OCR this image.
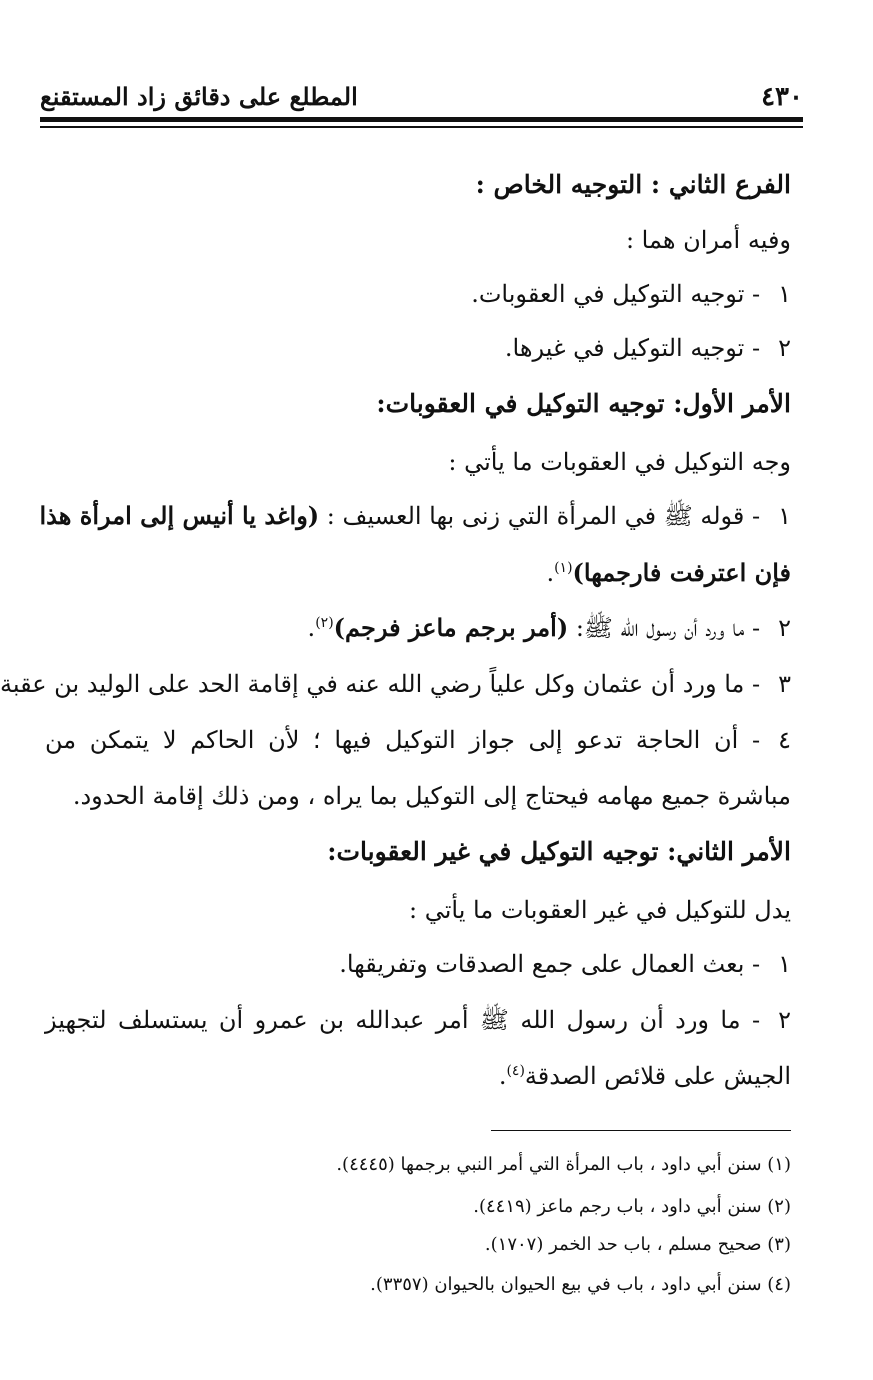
٤٣٠
المطلع على دقائق زاد المستقنع
الفرع الثاني : التوجيه الخاص :
وفيه أمران هما :
١- توجيه التوكيل في العقوبات.
٢- توجيه التوكيل في غيرها.
الأمر الأول: توجيه التوكيل في العقوبات:
وجه التوكيل في العقوبات ما يأتي :
١- قوله ﷺ في المرأة التي زنى بها العسيف : (واغد يا أنيس إلى امرأة هذا
فإن اعترفت فارجمها)$^{(١)}$.
٢- ما ورد أن رسول الله ﷺ: (أمر برجم ماعز فرجم)$^{(٢)}$.
٣- ما ورد أن عثمان وكل علياً رضي الله عنه في إقامة الحد على الوليد بن عقبة
٤- أن الحاجة تدعو إلى جواز التوكيل فيها ؛ لأن الحاكم لا يتمكن من
مباشرة جميع مهامه فيحتاج إلى التوكيل بما يراه ، ومن ذلك إقامة الحدود.
الأمر الثاني: توجيه التوكيل في غير العقوبات:
يدل للتوكيل في غير العقوبات ما يأتي :
١- بعث العمال على جمع الصدقات وتفريقها.
٢- ما ورد أن رسول الله ﷺ أمر عبدالله بن عمرو أن يستسلف لتجهيز
الجيش على قلائص الصدقة$^{(٤)}$.
(١) سنن أبي داود ، باب المرأة التي أمر النبي برجمها (٤٤٤٥).
(٢) سنن أبي داود ، باب رجم ماعز (٤٤١٩).
(٣) صحيح مسلم ، باب حد الخمر (١٧٠٧).
(٤) سنن أبي داود ، باب في بيع الحيوان بالحيوان (٣٣٥٧).
